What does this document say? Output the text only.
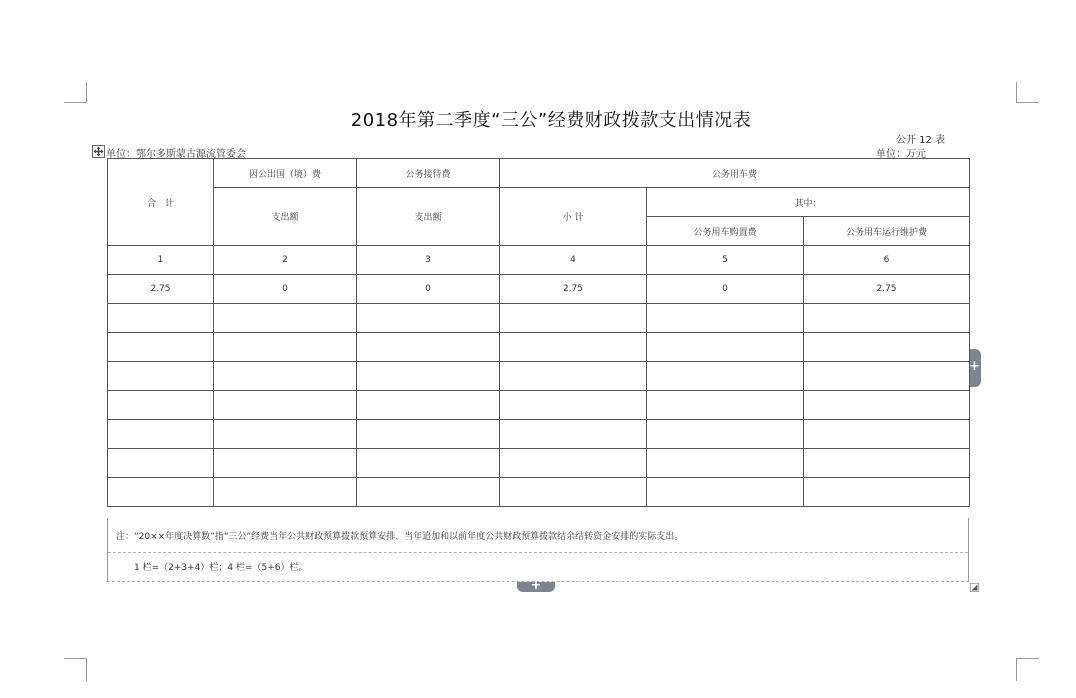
2018年第二季度“三公”经费财政拨款支出情况表
公开 12 表
单位：鄂尔多斯蒙古源流管委会	单位：万元
合　计	因公出国（境）费	公务接待费	公务用车费		
	支出额	支出额	小 计	其中：	
				公务用车购置费	公务用车运行维护费
1	2	3	4	5	6
2.75	0	0	2.75	0	2.75

注：“20××年度决算数”指“三公”经费当年公共财政预算拨款预算安排、当年追加和以前年度公共财政预算拨款结余结转资金安排的实际支出。
1 栏=（2+3+4）栏；4 栏=（5+6）栏。
+
+
